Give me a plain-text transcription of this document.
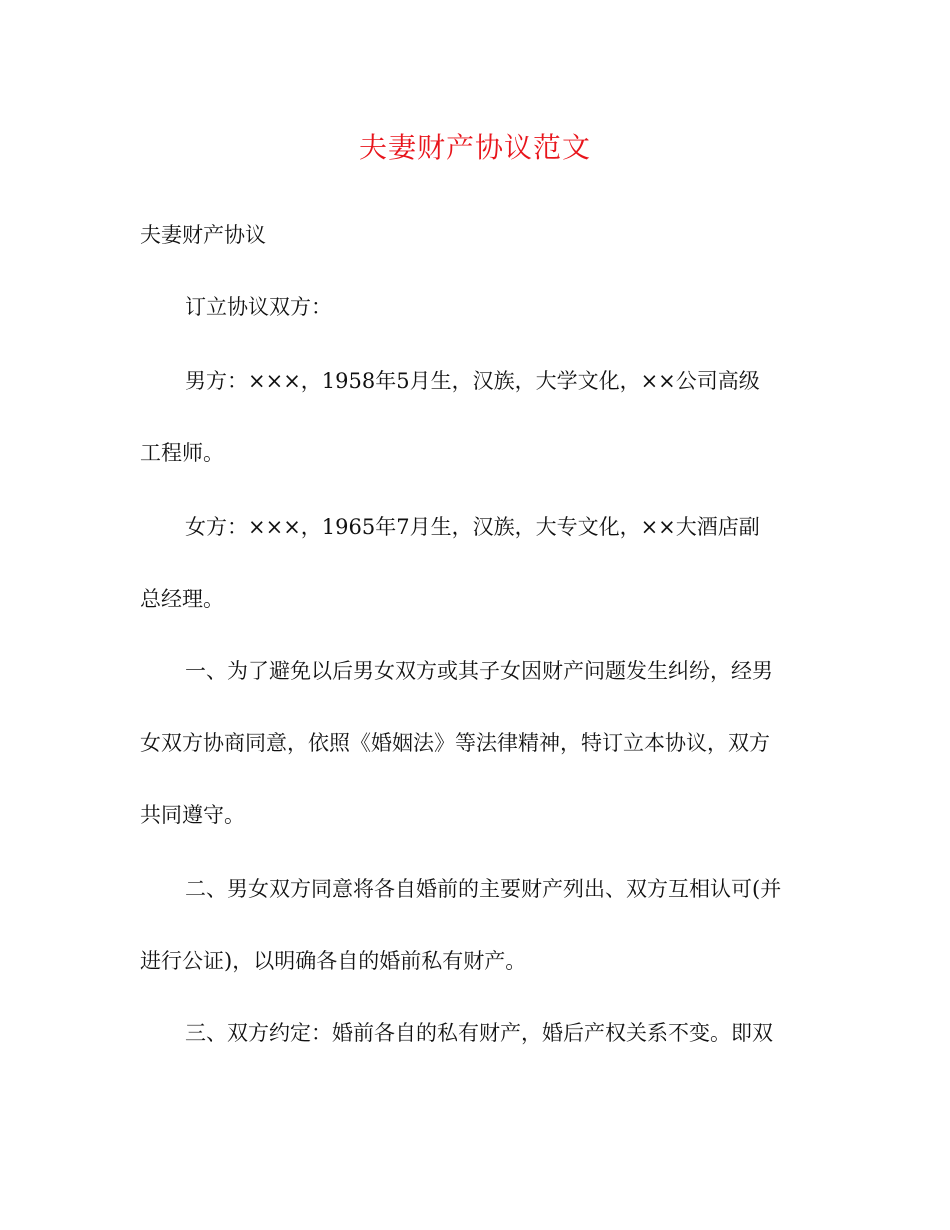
夫妻财产协议范文

夫妻财产协议

订立协议双方：

男方：×××，1958年5月生，汉族，大学文化，××公司高级

工程师。

女方：×××，1965年7月生，汉族，大专文化，××大酒店副

总经理。

一、为了避免以后男女双方或其子女因财产问题发生纠纷，经男

女双方协商同意，依照《婚姻法》等法律精神，特订立本协议，双方

共同遵守。

二、男女双方同意将各自婚前的主要财产列出、双方互相认可(并

进行公证)，以明确各自的婚前私有财产。

三、双方约定：婚前各自的私有财产，婚后产权关系不变。即双
